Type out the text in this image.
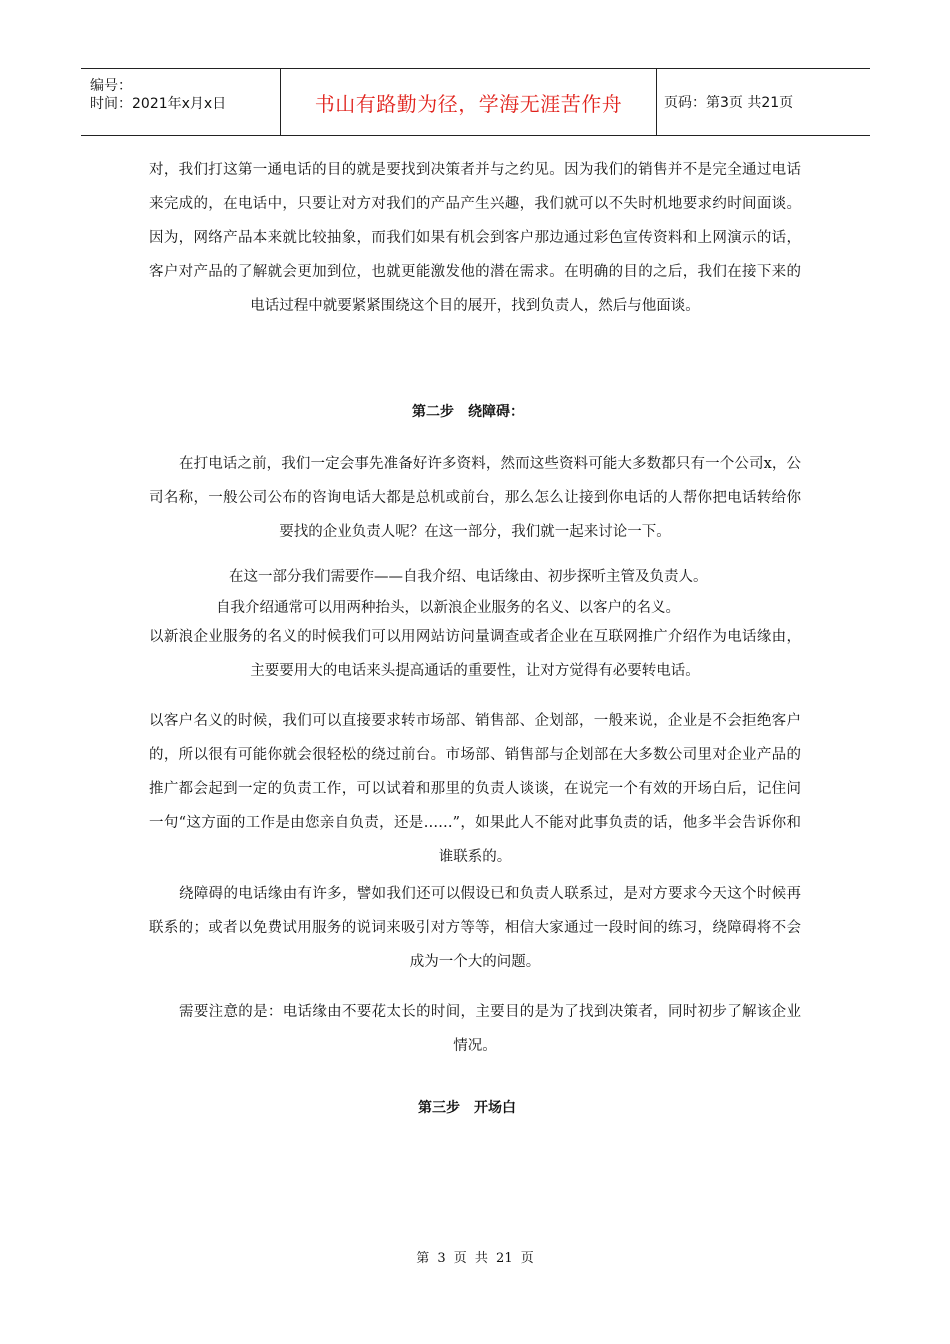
编号：
时间：2021年x月x日	书山有路勤为径，学海无涯苦作舟	页码：第3页 共21页
对，我们打这第一通电话的目的就是要找到决策者并与之约见。因为我们的销售并不是完全通过电话来完成的，在电话中，只要让对方对我们的产品产生兴趣，我们就可以不失时机地要求约时间面谈。因为，网络产品本来就比较抽象，而我们如果有机会到客户那边通过彩色宣传资料和上网演示的话，客户对产品的了解就会更加到位，也就更能激发他的潜在需求。在明确的目的之后，我们在接下来的电话过程中就要紧紧围绕这个目的展开，找到负责人，然后与他面谈。
第二步　绕障碍：
在打电话之前，我们一定会事先准备好许多资料，然而这些资料可能大多数都只有一个公司x，公司名称，一般公司公布的咨询电话大都是总机或前台，那么怎么让接到你电话的人帮你把电话转给你要找的企业负责人呢？在这一部分，我们就一起来讨论一下。
在这一部分我们需要作——自我介绍、电话缘由、初步探听主管及负责人。
自我介绍通常可以用两种抬头，以新浪企业服务的名义、以客户的名义。
以新浪企业服务的名义的时候我们可以用网站访问量调查或者企业在互联网推广介绍作为电话缘由，主要要用大的电话来头提高通话的重要性，让对方觉得有必要转电话。
以客户名义的时候，我们可以直接要求转市场部、销售部、企划部，一般来说，企业是不会拒绝客户的，所以很有可能你就会很轻松的绕过前台。市场部、销售部与企划部在大多数公司里对企业产品的推广都会起到一定的负责工作，可以试着和那里的负责人谈谈，在说完一个有效的开场白后，记住问一句“这方面的工作是由您亲自负责，还是……”，如果此人不能对此事负责的话，他多半会告诉你和谁联系的。
绕障碍的电话缘由有许多，譬如我们还可以假设已和负责人联系过，是对方要求今天这个时候再联系的；或者以免费试用服务的说词来吸引对方等等，相信大家通过一段时间的练习，绕障碍将不会成为一个大的问题。
需要注意的是：电话缘由不要花太长的时间，主要目的是为了找到决策者，同时初步了解该企业情况。
第三步　开场白
第 3 页 共 21 页
